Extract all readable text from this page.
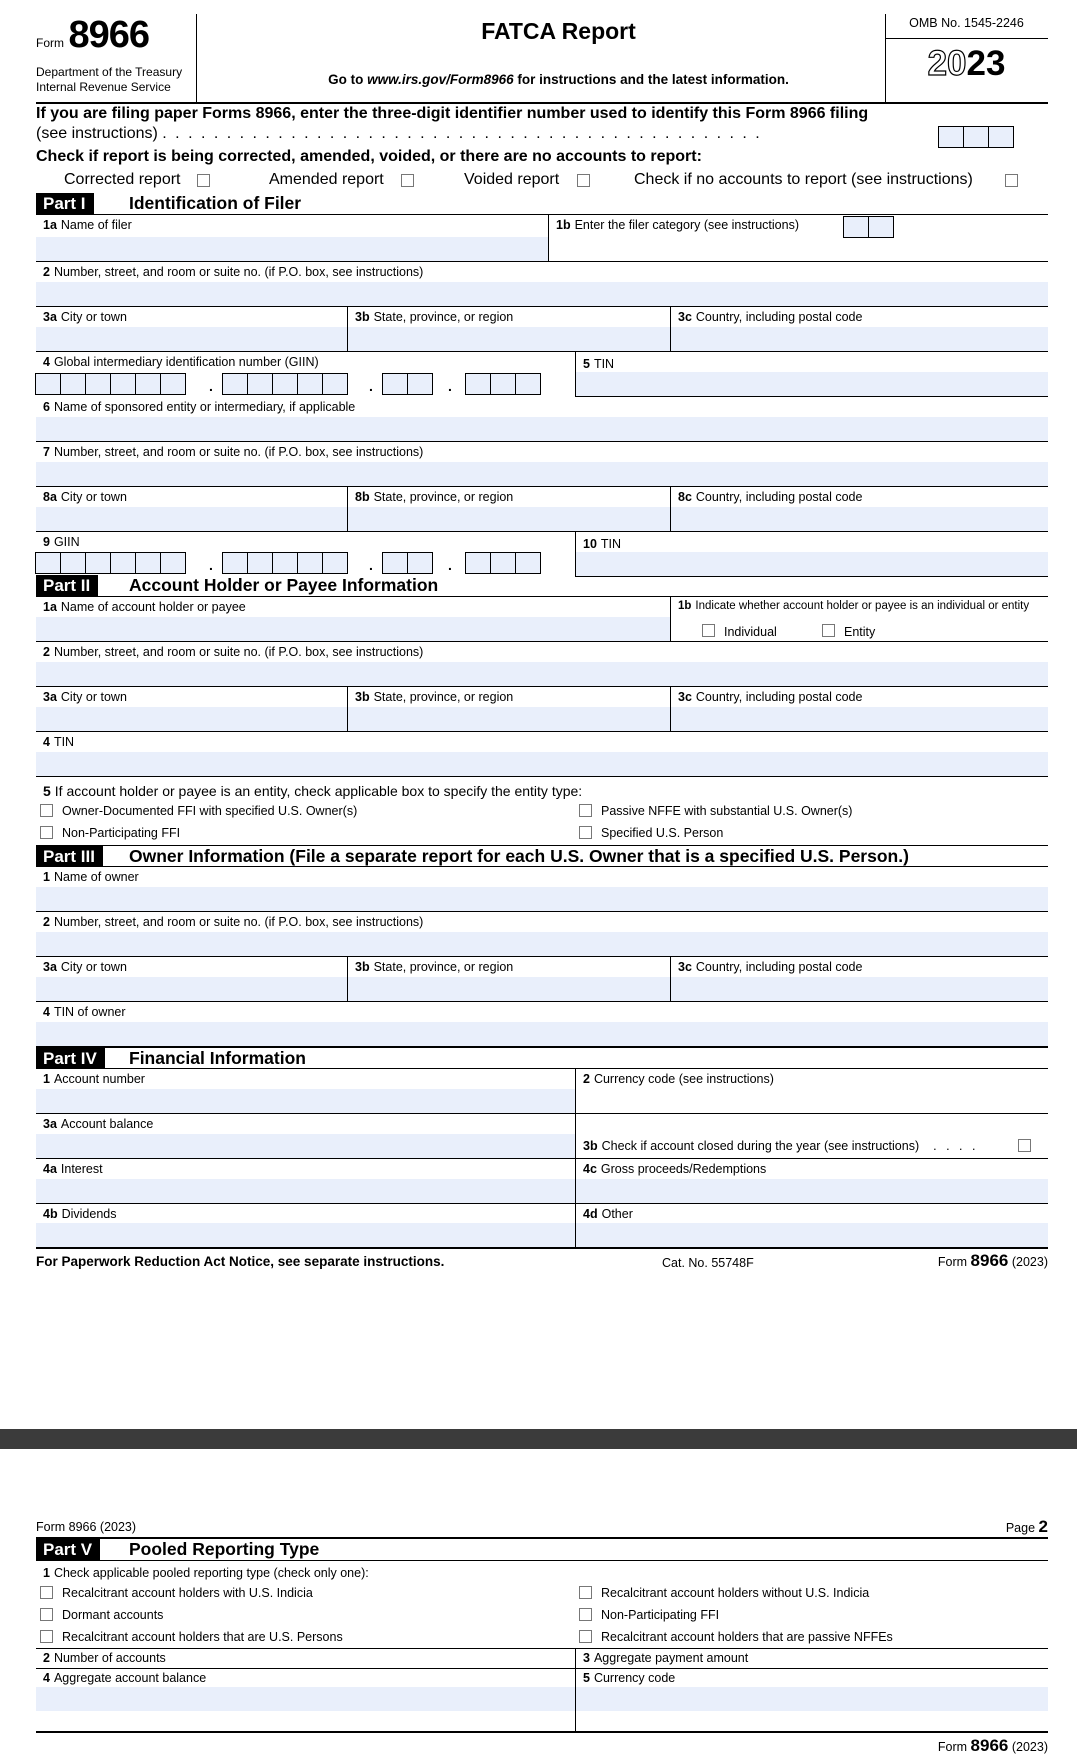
Form 8966
Department of the Treasury
Internal Revenue Service
FATCA Report
Go to www.irs.gov/Form8966 for instructions and the latest information.
OMB No. 1545-2246
2023
If you are filing paper Forms 8966, enter the three-digit identifier number used to identify this Form 8966 filing
(see instructions) . . . . . . . . . . . . . . . . . . . . . . . . . . . . . . . . . . . . . . . . . . . . . . .
Check if report is being corrected, amended, voided, or there are no accounts to report:
Corrected report	Amended report	Voided report	Check if no accounts to report (see instructions)
Part I	Identification of Filer
1a Name of filer	1b Enter the filer category (see instructions)
2 Number, street, and room or suite no. (if P.O. box, see instructions)
3a City or town	3b State, province, or region	3c Country, including postal code
4 Global intermediary identification number (GIIN)
.	.	.
5 TIN
6 Name of sponsored entity or intermediary, if applicable
7 Number, street, and room or suite no. (if P.O. box, see instructions)
8a City or town	8b State, province, or region	8c Country, including postal code
9 GIIN
.	.	.
10 TIN
Part II	Account Holder or Payee Information
1a Name of account holder or payee	1b Indicate whether account holder or payee is an individual or entity
Individual	Entity
2 Number, street, and room or suite no. (if P.O. box, see instructions)
3a City or town	3b State, province, or region	3c Country, including postal code
4 TIN
5 If account holder or payee is an entity, check applicable box to specify the entity type:
Owner-Documented FFI with specified U.S. Owner(s)	Passive NFFE with substantial U.S. Owner(s)
Non-Participating FFI	Specified U.S. Person
Part III	Owner Information (File a separate report for each U.S. Owner that is a specified U.S. Person.)
1 Name of owner
2 Number, street, and room or suite no. (if P.O. box, see instructions)
3a City or town	3b State, province, or region	3c Country, including postal code
4 TIN of owner
Part IV	Financial Information
1 Account number	2 Currency code (see instructions)
3a Account balance
3b Check if account closed during the year (see instructions) . . . .
4a Interest	4c Gross proceeds/Redemptions
4b Dividends	4d Other
For Paperwork Reduction Act Notice, see separate instructions.	Cat. No. 55748F	Form 8966 (2023)
Form 8966 (2023)	Page 2
Part V	Pooled Reporting Type
1 Check applicable pooled reporting type (check only one):
Recalcitrant account holders with U.S. Indicia	Recalcitrant account holders without U.S. Indicia
Dormant accounts	Non-Participating FFI
Recalcitrant account holders that are U.S. Persons	Recalcitrant account holders that are passive NFFEs
2 Number of accounts	3 Aggregate payment amount
4 Aggregate account balance	5 Currency code
Form 8966 (2023)
